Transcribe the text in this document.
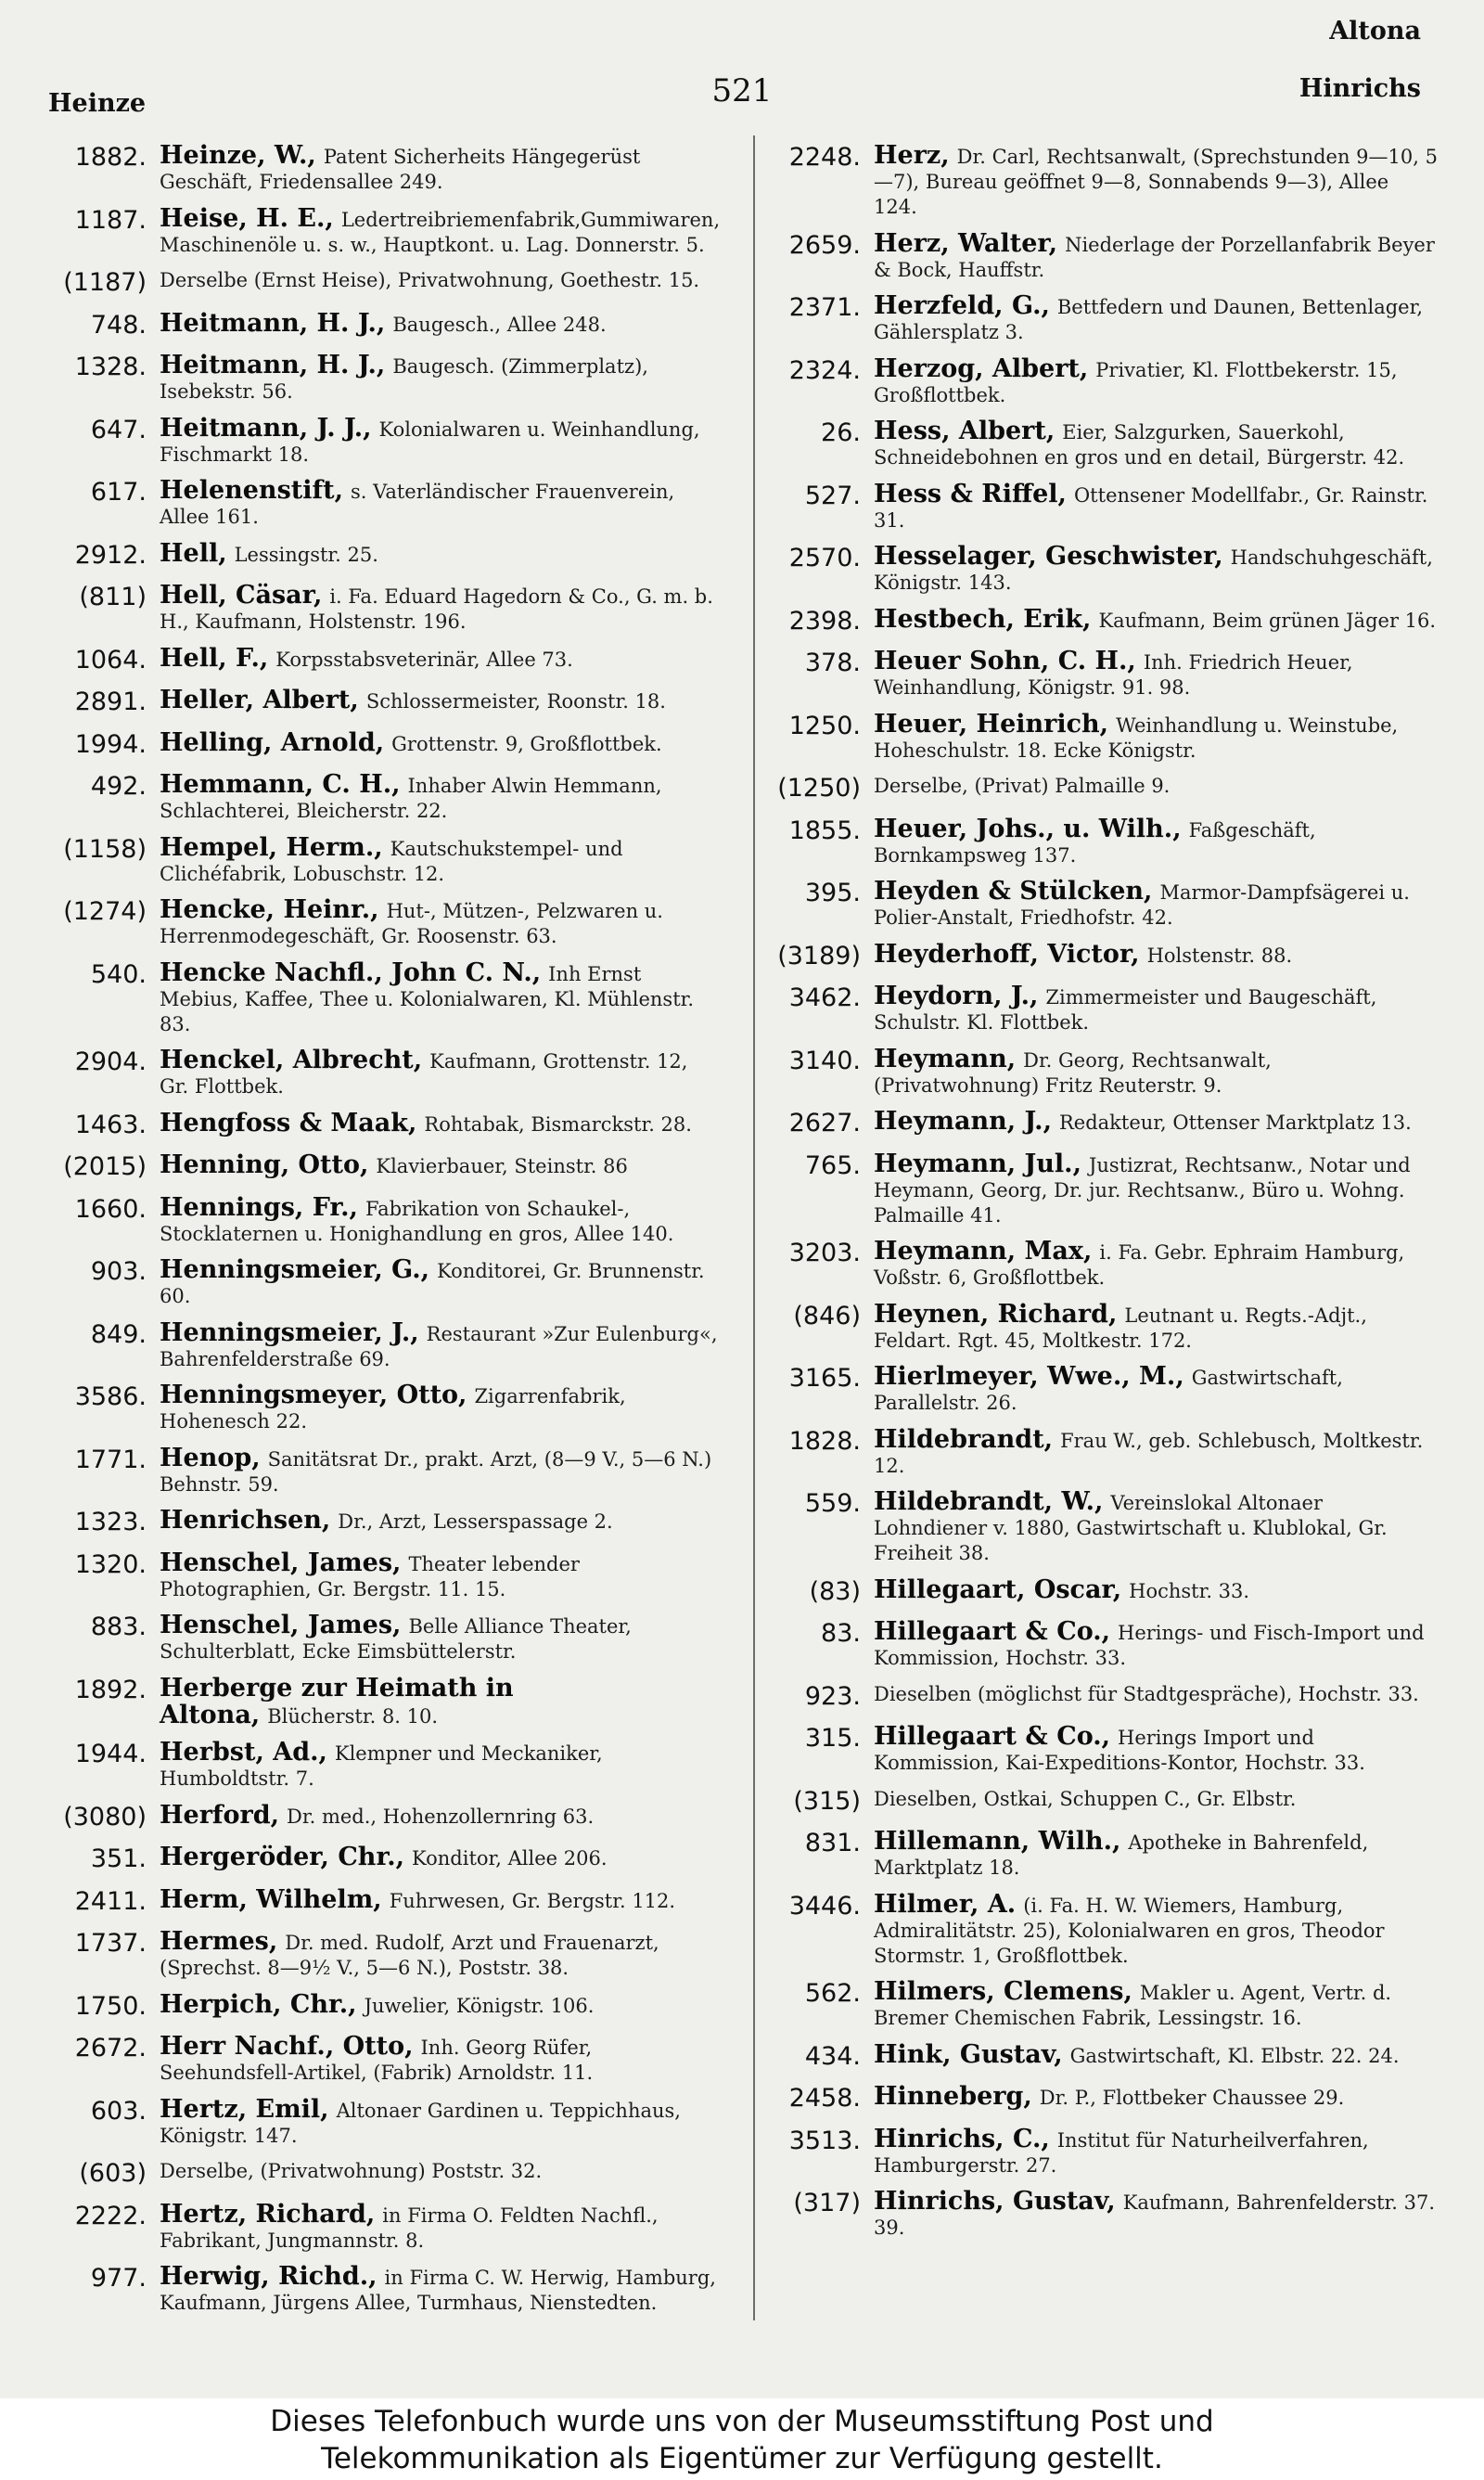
Altona
Heinze	521	Hinrichs
1882. Heinze, W., Patent Sicherheits Hängegerüst Geschäft, Friedensallee 249.
1187. Heise, H. E., Ledertreibriemenfabrik,Gummiwaren, Maschinenöle u. s. w., Hauptkont. u. Lag. Donnerstr. 5.
(1187) Derselbe (Ernst Heise), Privatwohnung, Goethestr. 15.
748. Heitmann, H. J., Baugesch., Allee 248.
1328. Heitmann, H. J., Baugesch. (Zimmerplatz), Isebekstr. 56.
647. Heitmann, J. J., Kolonialwaren u. Weinhandlung, Fischmarkt 18.
617. Helenenstift, s. Vaterländischer Frauenverein, Allee 161.
2912. Hell, Lessingstr. 25.
(811) Hell, Cäsar, i. Fa. Eduard Hagedorn & Co., G. m. b. H., Kaufmann, Holstenstr. 196.
1064. Hell, F., Korpsstabsveterinär, Allee 73.
2891. Heller, Albert, Schlossermeister, Roonstr. 18.
1994. Helling, Arnold, Grottenstr. 9, Großflottbek.
492. Hemmann, C. H., Inhaber Alwin Hemmann, Schlachterei, Bleicherstr. 22.
(1158) Hempel, Herm., Kautschukstempel- und Clichéfabrik, Lobuschstr. 12.
(1274) Hencke, Heinr., Hut-, Mützen-, Pelzwaren u. Herrenmodegeschäft, Gr. Roosenstr. 63.
540. Hencke Nachfl., John C. N., Inh Ernst Mebius, Kaffee, Thee u. Kolonialwaren, Kl. Mühlenstr. 83.
2904. Henckel, Albrecht, Kaufmann, Grottenstr. 12, Gr. Flottbek.
1463. Hengfoss & Maak, Rohtabak, Bismarckstr. 28.
(2015) Henning, Otto, Klavierbauer, Steinstr. 86
1660. Hennings, Fr., Fabrikation von Schaukel-, Stocklaternen u. Honighandlung en gros, Allee 140.
903. Henningsmeier, G., Konditorei, Gr. Brunnenstr. 60.
849. Henningsmeier, J., Restaurant »Zur Eulenburg«, Bahrenfelderstraße 69.
3586. Henningsmeyer, Otto, Zigarrenfabrik, Hohenesch 22.
1771. Henop, Sanitätsrat Dr., prakt. Arzt, (8—9 V., 5—6 N.) Behnstr. 59.
1323. Henrichsen, Dr., Arzt, Lesserspassage 2.
1320. Henschel, James, Theater lebender Photographien, Gr. Bergstr. 11. 15.
883. Henschel, James, Belle Alliance Theater, Schulterblatt, Ecke Eimsbüttelerstr.
1892. Herberge zur Heimath in Altona, Blücherstr. 8. 10.
1944. Herbst, Ad., Klempner und Meckaniker, Humboldtstr. 7.
(3080) Herford, Dr. med., Hohenzollernring 63.
351. Hergeröder, Chr., Konditor, Allee 206.
2411. Herm, Wilhelm, Fuhrwesen, Gr. Bergstr. 112.
1737. Hermes, Dr. med. Rudolf, Arzt und Frauenarzt, (Sprechst. 8—9½ V., 5—6 N.), Poststr. 38.
1750. Herpich, Chr., Juwelier, Königstr. 106.
2672. Herr Nachf., Otto, Inh. Georg Rüfer, Seehundsfell-Artikel, (Fabrik) Arnoldstr. 11.
603. Hertz, Emil, Altonaer Gardinen u. Teppichhaus, Königstr. 147.
(603) Derselbe, (Privatwohnung) Poststr. 32.
2222. Hertz, Richard, in Firma O. Feldten Nachfl., Fabrikant, Jungmannstr. 8.
977. Herwig, Richd., in Firma C. W. Herwig, Hamburg, Kaufmann, Jürgens Allee, Turmhaus, Nienstedten.
2248. Herz, Dr. Carl, Rechtsanwalt, (Sprechstunden 9—10, 5—7), Bureau geöffnet 9—8, Sonnabends 9—3), Allee 124.
2659. Herz, Walter, Niederlage der Porzellanfabrik Beyer & Bock, Hauffstr.
2371. Herzfeld, G., Bettfedern und Daunen, Bettenlager, Gählersplatz 3.
2324. Herzog, Albert, Privatier, Kl. Flottbekerstr. 15, Großflottbek.
26. Hess, Albert, Eier, Salzgurken, Sauerkohl, Schneidebohnen en gros und en detail, Bürgerstr. 42.
527. Hess & Riffel, Ottensener Modellfabr., Gr. Rainstr. 31.
2570. Hesselager, Geschwister, Handschuhgeschäft, Königstr. 143.
2398. Hestbech, Erik, Kaufmann, Beim grünen Jäger 16.
378. Heuer Sohn, C. H., Inh. Friedrich Heuer, Weinhandlung, Königstr. 91. 98.
1250. Heuer, Heinrich, Weinhandlung u. Weinstube, Hoheschulstr. 18. Ecke Königstr.
(1250) Derselbe, (Privat) Palmaille 9.
1855. Heuer, Johs., u. Wilh., Faßgeschäft, Bornkampsweg 137.
395. Heyden & Stülcken, Marmor-Dampfsägerei u. Polier-Anstalt, Friedhofstr. 42.
(3189) Heyderhoff, Victor, Holstenstr. 88.
3462. Heydorn, J., Zimmermeister und Baugeschäft, Schulstr. Kl. Flottbek.
3140. Heymann, Dr. Georg, Rechtsanwalt, (Privatwohnung) Fritz Reuterstr. 9.
2627. Heymann, J., Redakteur, Ottenser Marktplatz 13.
765. Heymann, Jul., Justizrat, Rechtsanw., Notar und Heymann, Georg, Dr. jur. Rechtsanw., Büro u. Wohng. Palmaille 41.
3203. Heymann, Max, i. Fa. Gebr. Ephraim Hamburg, Voßstr. 6, Großflottbek.
(846) Heynen, Richard, Leutnant u. Regts.-Adjt., Feldart. Rgt. 45, Moltkestr. 172.
3165. Hierlmeyer, Wwe., M., Gastwirtschaft, Parallelstr. 26.
1828. Hildebrandt, Frau W., geb. Schlebusch, Moltkestr. 12.
559. Hildebrandt, W., Vereinslokal Altonaer Lohndiener v. 1880, Gastwirtschaft u. Klublokal, Gr. Freiheit 38.
(83) Hillegaart, Oscar, Hochstr. 33.
83. Hillegaart & Co., Herings- und Fisch-Import und Kommission, Hochstr. 33.
923. Dieselben (möglichst für Stadtgespräche), Hochstr. 33.
315. Hillegaart & Co., Herings Import und Kommission, Kai-Expeditions-Kontor, Hochstr. 33.
(315) Dieselben, Ostkai, Schuppen C., Gr. Elbstr.
831. Hillemann, Wilh., Apotheke in Bahrenfeld, Marktplatz 18.
3446. Hilmer, A. (i. Fa. H. W. Wiemers, Hamburg, Admiralitätstr. 25), Kolonialwaren en gros, Theodor Stormstr. 1, Großflottbek.
562. Hilmers, Clemens, Makler u. Agent, Vertr. d. Bremer Chemischen Fabrik, Lessingstr. 16.
434. Hink, Gustav, Gastwirtschaft, Kl. Elbstr. 22. 24.
2458. Hinneberg, Dr. P., Flottbeker Chaussee 29.
3513. Hinrichs, C., Institut für Naturheilverfahren, Hamburgerstr. 27.
(317) Hinrichs, Gustav, Kaufmann, Bahrenfelderstr. 37. 39.
Dieses Telefonbuch wurde uns von der Museumsstiftung Post und
Telekommunikation als Eigentümer zur Verfügung gestellt.
